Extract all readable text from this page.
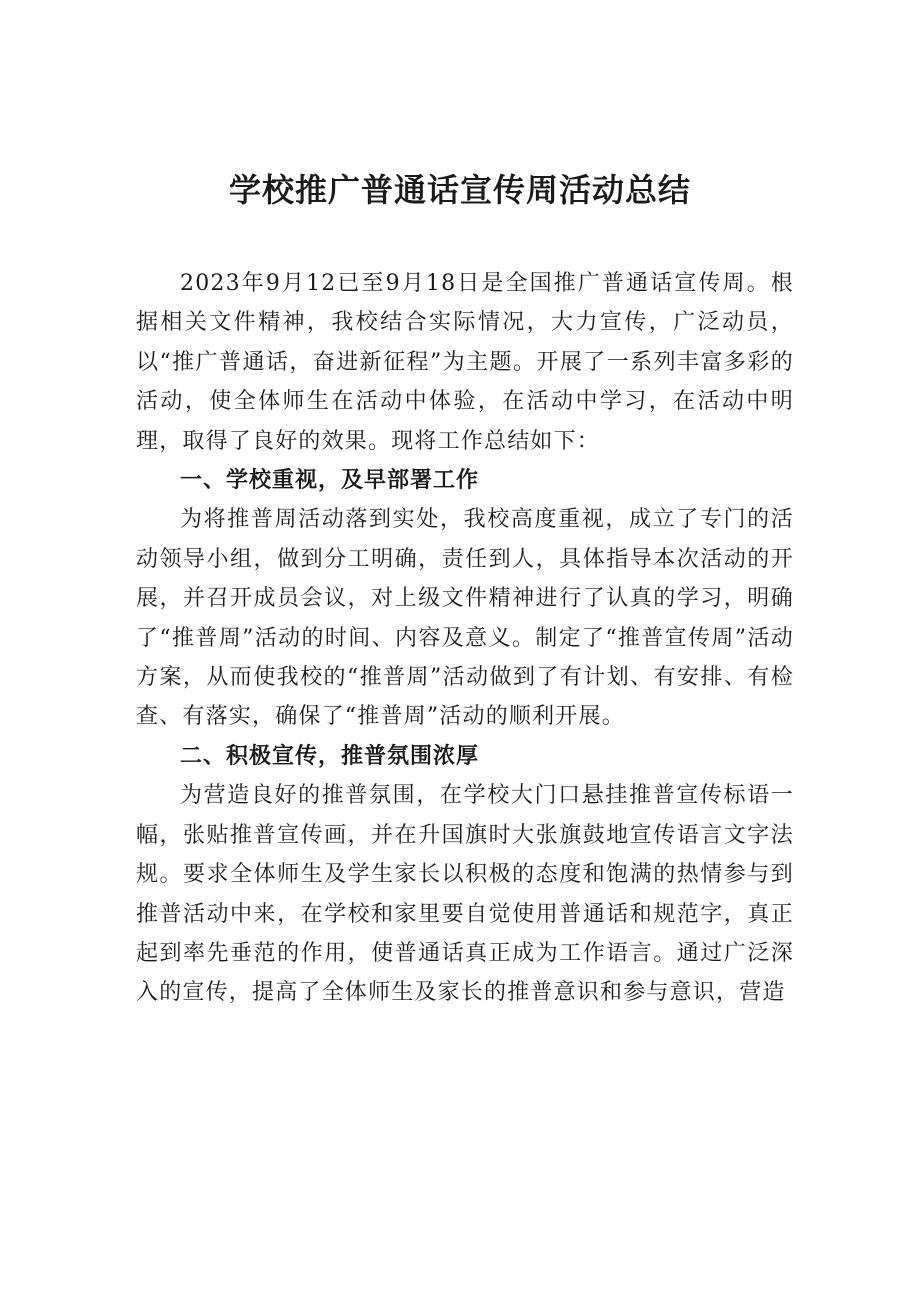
学校推广普通话宣传周活动总结

2023年9月12已至9月18日是全国推广普通话宣传周。根据相关文件精神，我校结合实际情况，大力宣传，广泛动员，以“推广普通话，奋进新征程”为主题。开展了一系列丰富多彩的活动，使全体师生在活动中体验，在活动中学习，在活动中明理，取得了良好的效果。现将工作总结如下：

一、学校重视，及早部署工作

为将推普周活动落到实处，我校高度重视，成立了专门的活动领导小组，做到分工明确，责任到人，具体指导本次活动的开展，并召开成员会议，对上级文件精神进行了认真的学习，明确了“推普周”活动的时间、内容及意义。制定了“推普宣传周”活动方案，从而使我校的“推普周”活动做到了有计划、有安排、有检查、有落实，确保了“推普周”活动的顺利开展。

二、积极宣传，推普氛围浓厚

为营造良好的推普氛围，在学校大门口悬挂推普宣传标语一幅，张贴推普宣传画，并在升国旗时大张旗鼓地宣传语言文字法规。要求全体师生及学生家长以积极的态度和饱满的热情参与到推普活动中来，在学校和家里要自觉使用普通话和规范字，真正起到率先垂范的作用，使普通话真正成为工作语言。通过广泛深入的宣传，提高了全体师生及家长的推普意识和参与意识，营造
